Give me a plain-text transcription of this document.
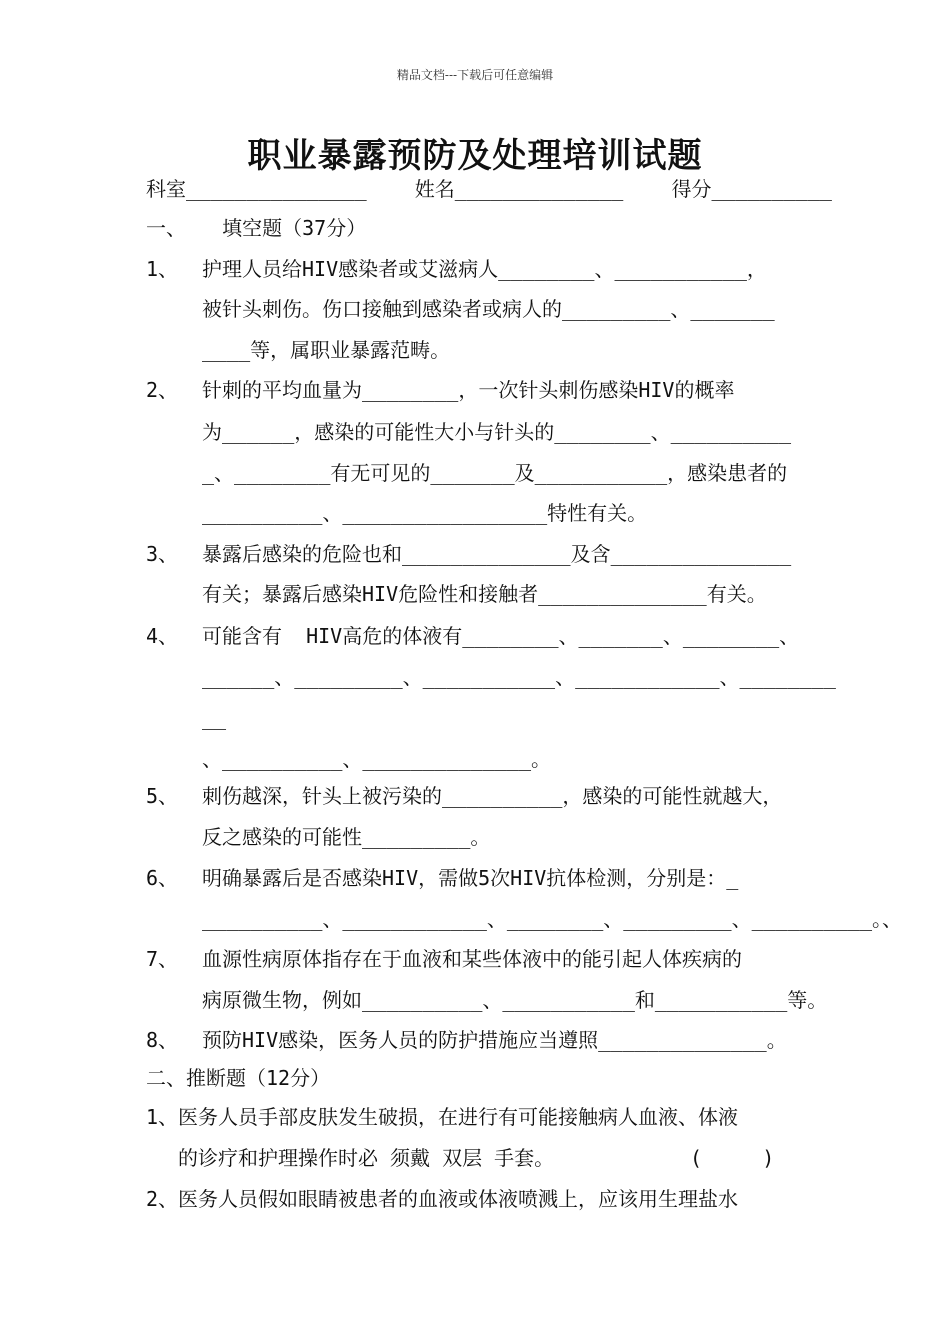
精品文档---下载后可任意编辑
职业暴露预防及处理培训试题
科室_______________    姓名______________    得分__________
一、   填空题（37分）
1、 护理人员给HIV感染者或艾滋病人________、___________，
被针头刺伤。伤口接触到感染者或病人的_________、_______
____等，属职业暴露范畴。
2、 针刺的平均血量为________，一次针头刺伤感染HIV的概率
为______，感染的可能性大小与针头的________、__________
_、________有无可见的_______及___________，感染患者的
__________、_________________特性有关。
3、 暴露后感染的危险也和______________及含_______________
有关；暴露后感染HIV危险性和接触者______________有关。
4、 可能含有  HIV高危的体液有________、_______、________、
______、_________、___________、____________、________
__
、__________、______________。
5、 刺伤越深，针头上被污染的__________，感染的可能性就越大，
反之感染的可能性_________。
6、 明确暴露后是否感染HIV，需做5次HIV抗体检测，分别是：_
__________、____________、________、_________、__________。、
7、 血源性病原体指存在于血液和某些体液中的能引起人体疾病的
病原微生物，例如__________、___________和___________等。
8、 预防HIV感染，医务人员的防护措施应当遵照______________。
二、推断题（12分）
1、医务人员手部皮肤发生破损，在进行有可能接触病人血液、体液
的诊疗和护理操作时必 须戴 双层 手套。	(     )
2、医务人员假如眼睛被患者的血液或体液喷溅上，应该用生理盐水
